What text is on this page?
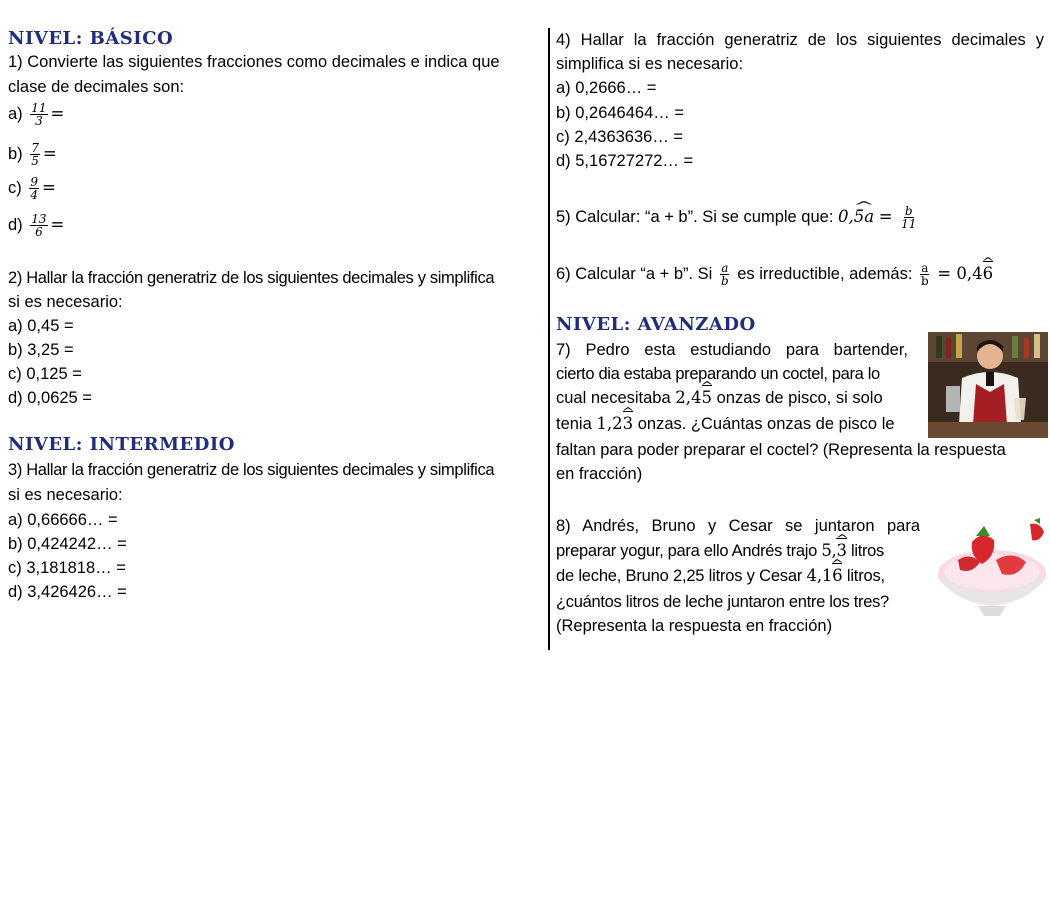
NIVEL: BÁSICO
1) Convierte las siguientes fracciones como decimales e indica que
clase de decimales son:
$a) \frac{11}{3}$ =
$b) \frac{7}{5}$ =
$c) \frac{9}{4}$ =
$d) \frac{13}{6}$ =
2) Hallar la fracción generatriz de los siguientes decimales y simplifica
si es necesario:
a) 0,45 =
b) 3,25 =
c) 0,125 =
d) 0,0625 =
NIVEL: INTERMEDIO
3) Hallar la fracción generatriz de los siguientes decimales y simplifica
si es necesario:
a) 0,66666… =
b) 0,424242… =
c) 3,181818… =
d) 3,426426… =
4) Hallar la fracción generatriz de los siguientes decimales y
simplifica si es necesario:
a) 0,2666… =
b) 0,2646464… =
c) 2,4363636… =
d) 5,16727272… =
5) Calcular: “a + b”. Si se cumple que: 0,5a ^ = $\frac{b}{11}$
6) Calcular “a + b”. Si $\frac{a}{b}$ es irreductible, además: $\frac{a}{b} = 0,46$ ^
NIVEL: AVANZADO
7) Pedro esta estudiando para bartender,
cierto dia estaba preparando un coctel, para lo
cual necesitaba 2,45 ^ onzas de pisco, si solo
tenia 1,23 ^ onzas. ¿Cuántas onzas de pisco le
faltan para poder preparar el coctel? (Representa la respuesta
en fracción)
8) Andrés, Bruno y Cesar se juntaron para
preparar yogur, para ello Andrés trajo 5,3 ^ litros
de leche, Bruno 2,25 litros y Cesar 4,16 ^ litros,
¿cuántos litros de leche juntaron entre los tres?
(Representa la respuesta en fracción)
